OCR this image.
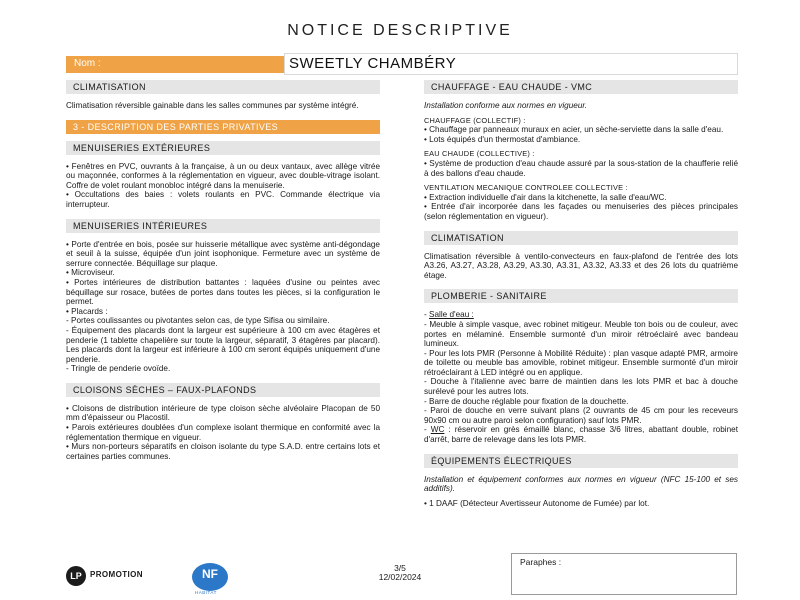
NOTICE DESCRIPTIVE
Nom :	SWEETLY CHAMBÉRY
CLIMATISATION

Climatisation réversible gainable dans les salles communes par système intégré.

3 - DESCRIPTION DES PARTIES PRIVATIVES
MENUISERIES EXTÉRIEURES

• Fenêtres en PVC, ouvrants à la française, à un ou deux vantaux, avec allège vitrée ou maçonnée, conformes à la réglementation en vigueur, avec double-vitrage isolant. Coffre de volet roulant monobloc intégré dans la menuiserie.

• Occultations des baies : volets roulants en PVC. Commande électrique via interrupteur.

MENUISERIES INTÉRIEURES

• Porte d'entrée en bois, posée sur huisserie métallique avec système anti-dégondage et seuil à la suisse, équipée d'un joint isophonique. Fermeture avec un système de serrure connectée. Béquillage sur plaque.

• Microviseur.

• Portes intérieures de distribution battantes : laquées d'usine ou peintes avec béquillage sur rosace, butées de portes dans toutes les pièces, si la configuration le permet.

• Placards :

- Portes coulissantes ou pivotantes selon cas, de type Sifisa ou similaire.

- Équipement des placards dont la largeur est supérieure à 100 cm avec étagères et penderie (1 tablette chapelière sur toute la largeur, séparatif, 3 étagères par placard). Les placards dont la largeur est inférieure à 100 cm seront équipés uniquement d'une penderie.

- Tringle de penderie ovoïde.

CLOISONS SÈCHES – FAUX-PLAFONDS

• Cloisons de distribution intérieure de type cloison sèche alvéolaire Placopan de 50 mm d'épaisseur ou Placostil.

• Parois extérieures doublées d'un complexe isolant thermique en conformité avec la réglementation thermique en vigueur.

• Murs non-porteurs séparatifs en cloison isolante du type S.A.D. entre certains lots et certaines parties communes.

CHAUFFAGE - EAU CHAUDE - VMC

Installation conforme aux normes en vigueur.

CHAUFFAGE (COLLECTIF) :

• Chauffage par panneaux muraux en acier, un sèche-serviette dans la salle d'eau.

• Lots équipés d'un thermostat d'ambiance.

EAU CHAUDE (COLLECTIVE) :

• Système de production d'eau chaude assuré par la sous-station de la chaufferie relié à des ballons d'eau chaude.

VENTILATION MECANIQUE CONTROLEE COLLECTIVE :

• Extraction individuelle d'air dans la kitchenette, la salle d'eau/WC.

• Entrée d'air incorporée dans les façades ou menuiseries des pièces principales (selon réglementation en vigueur).

CLIMATISATION

Climatisation réversible à ventilo-convecteurs en faux-plafond de l'entrée des lots A3.26, A3.27, A3.28, A3.29, A3.30, A3.31, A3.32, A3.33 et des 26 lots du quatrième étage.

PLOMBERIE - SANITAIRE

- Salle d'eau :

- Meuble à simple vasque, avec robinet mitigeur. Meuble ton bois ou de couleur, avec portes en mélaminé. Ensemble surmonté d'un miroir rétroéclairé avec bandeau lumineux.

- Pour les lots PMR (Personne à Mobilité Réduite) : plan vasque adapté PMR, armoire de toilette ou meuble bas amovible, robinet mitigeur. Ensemble surmonté d'un miroir rétroéclairant à LED intégré ou en applique.

- Douche à l'italienne avec barre de maintien dans les lots PMR et bac à douche surélevé pour les autres lots.

- Barre de douche réglable pour fixation de la douchette.

- Paroi de douche en verre suivant plans (2 ouvrants de 45 cm pour les receveurs 90x90 cm ou autre paroi selon configuration) sauf lots PMR.

- WC : réservoir en grès émaillé blanc, chasse 3/6 litres, abattant double, robinet d'arrêt, barre de relevage dans les lots PMR.

ÉQUIPEMENTS ÉLECTRIQUES

Installation et équipement conformes aux normes en vigueur (NFC 15-100 et ses additifs).

• 1 DAAF (Détecteur Avertisseur Autonome de Fumée) par lot.

LP	PROMOTION	NF
HABITAT
3/5
12/02/2024
Paraphes :
